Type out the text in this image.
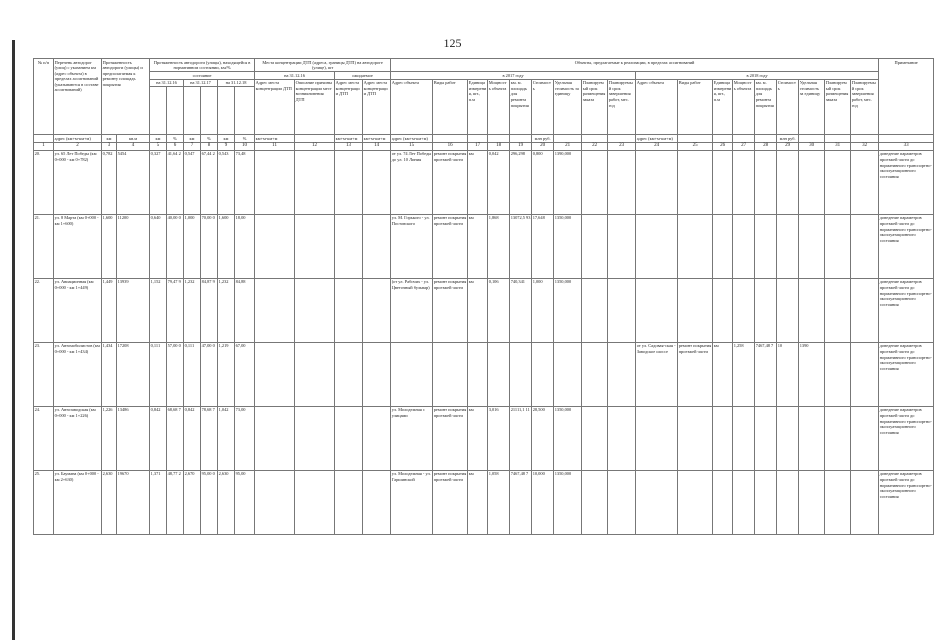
125
№ п/п	Перечень автодорог (улиц) с указанием км (адрес объекта) в пределах ассигнований (указываются в составе ассигнований)	Протяженность автодороги (улицы) и предполагаемая к ремонту площадь покрытия		Протяженность автодороги (улицы), находящейся в нормативном состоянии, км/%						Места концентрации ДТП (адреса, границы ДТП) на автодороге (улице), шт				Объекты, предлагаемые к реализации, в пределах ассигнований																		Примечание
				состояние						на 31.12.16		ожидаемое		в 2017 году									в 2018 году									
				на 31.12.16		на 31.12.17		на 31.12.18		Адрес места концентрации ДТП	Описание причины концентрации мест возникновения ДТП	Адрес места концентрации ДТП	Адрес места концентрации ДТП	Адрес объекта	Виды работ	Единица измерения, шт., п.м	Мощность объекта	км. м. площадь для ремонта покрытия	Стоимость	Удельная стоимость за единицу	Планируемый срок размещения заказа	Планируемый срок завершения работ, мес. год	Адрес объекта	Виды работ	Единица измерения, шт., п.м	Мощность объекта	км. м. площадь для ремонта покрытия	Стоимость	Удельная стоимость за единицу	Планируемый срок размещения заказа	Планируемый срок завершения работ, мес. год	

	адрес (км+м-км+м)	км	кв.м	км	%	км	%	км	%	км+м-км+м		км+м-км+м	км+м-км+м	адрес (км+м-км+м)					млн руб.				адрес (км+м-км+м)					млн руб.				
1	2	3	4	5	6	7	8	9	10	11	12	13	14	15	16	17	18	19	20	21	22	23	24	25	26	27	28	29	30	31	32	33
20.	ул. 65 Лет Победы (км 0+000 - км 0+782)	0,782	5454	0,327	41,64 2	0,547	67,44 2	0,543	73,48					от ул. 74 Лет Победы до ул. 10 Линия	ремонт покрытия проезжей части	км	0,042	296,298	0,800	1390,000												доведение параметров проезжей части до нормативного транспортно-эксплуатационного состояния
21.	ул. 8 Марта (км 0+000 - км 1+600)	1,600	11200	0,640	40,00 0	1,000	70,00 0	1,600	18,00					ул. М. Горького - ул. Постовского	ремонт покрытия проезжей части	км	1,868	13072,5 93	17,648	1350,000												доведение параметров проезжей части до нормативного транспортно-эксплуатационного состояния
22.	ул. Авиационная (км 0+000 - км 1+449)	1,449	13939	1,152	79,47 9	1,232	84,87 9	1,232	84,88					(от ул. Рабочих - ул. Цветочный бульвар)	ремонт покрытия проезжей части	км	0,106	740,341	1,000	1350,000												доведение параметров проезжей части до нормативного транспортно-эксплуатационного состояния
23.	ул. Автомобилистов (км 0+000 - км 1+434)	1,434	17208	0,111	57,00 0	0,111	47,00 0	1,219	67,00														от ул. Садовая-ская - Заводское шоссе	ремонт покрытия проезжей части	км	1,258	7467,48 7	10	1390			доведение параметров проезжей части до нормативного транспортно-эксплуатационного состояния
24.	ул. Автозаводская (км 0+000 - км 1+226)	1,226	13486	0,842	68,68 7	0,842	78,68 7	1,042	73,00					ул. Молодежная с улицами	ремонт покрытия проезжей части	км	3,016	21111,1 11	28,500	1350,000												доведение параметров проезжей части до нормативного транспортно-эксплуатационного состояния
25.	ул. Баумана (км 0+000 - км 2+630)	2,630	19670	1,371	48,77 2	2,670	95,00 0	2,630	95,00					ул. Молодежная - ул. Гаршинской	ремонт покрытия проезжей части	км	1,058	7467,48 7	10,000	1350,000												доведение параметров проезжей части до нормативного транспортно-эксплуатационного состояния
